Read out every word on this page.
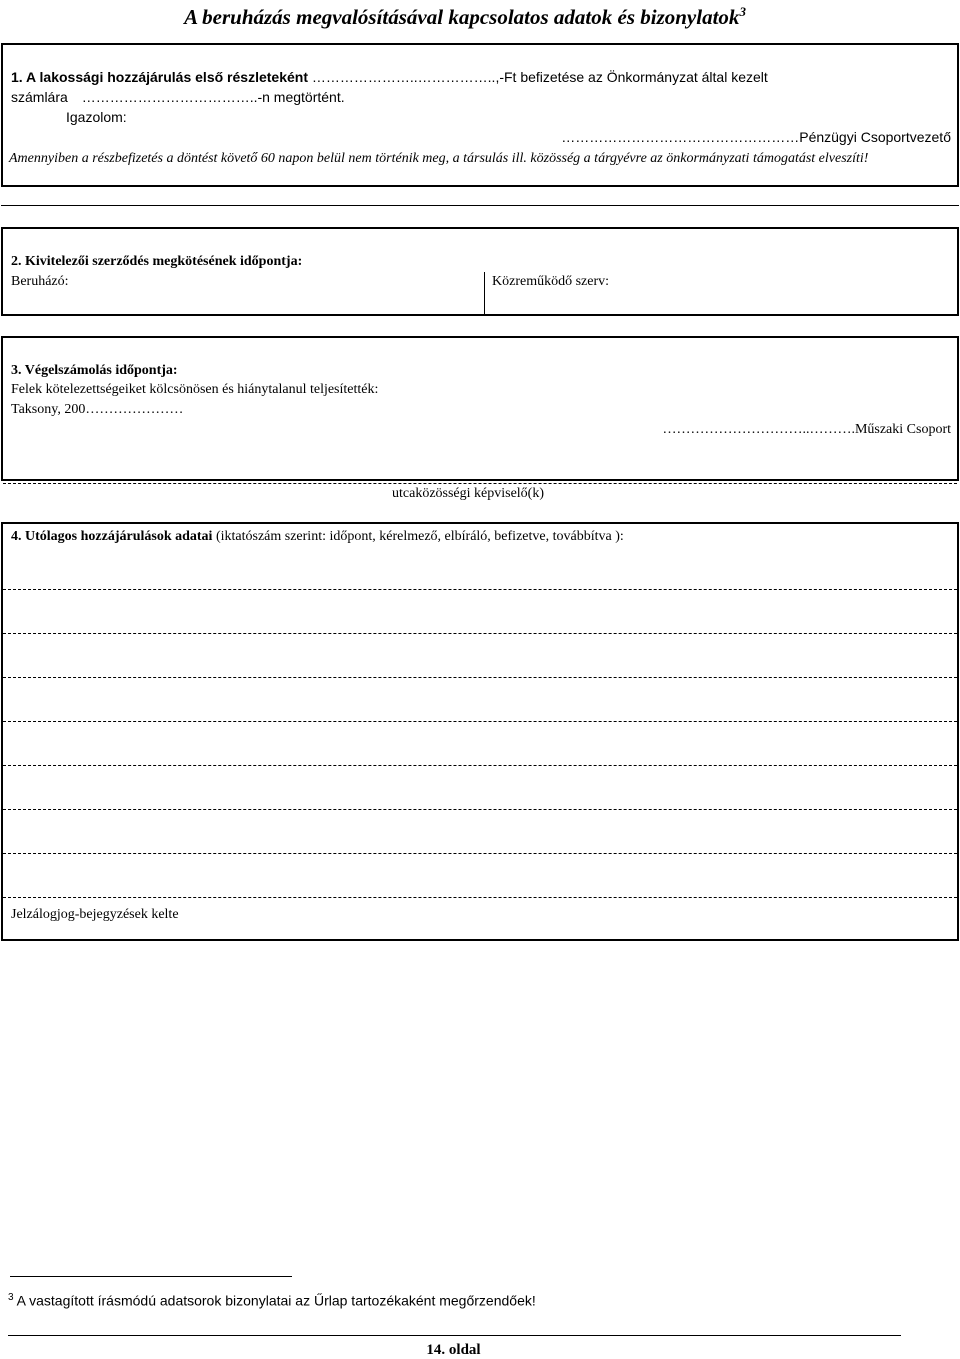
A beruházás megvalósításával kapcsolatos adatok és bizonylatok$^3$
1. A lakossági hozzájárulás első részleteként …………………..……………..,-Ft befizetése az Önkormányzat által kezelt
számlára ………………………………..-n megtörtént.
Igazolom:
……………………………………………Pénzügyi Csoportvezető
Amennyiben a részbefizetés a döntést követő 60 napon belül nem történik meg, a társulás ill. közösség a tárgyévre az önkormányzati támogatást elveszíti!
2. Kivitelezői szerződés megkötésének időpontja:
Beruházó:	Közreműködő szerv:
3. Végelszámolás időpontja:
Felek kötelezettségeiket kölcsönösen és hiánytalanul teljesítették:
Taksony, 200…………………
…………………………..……….Műszaki Csoport
utcaközösségi képviselő(k)
4. Utólagos hozzájárulások adatai (iktatószám szerint: időpont, kérelmező, elbíráló, befizetve, továbbítva ):
Jelzálogjog-bejegyzések kelte
$^3$ A vastagított írásmódú adatsorok bizonylatai az Űrlap tartozékaként megőrzendőek!
14. oldal
